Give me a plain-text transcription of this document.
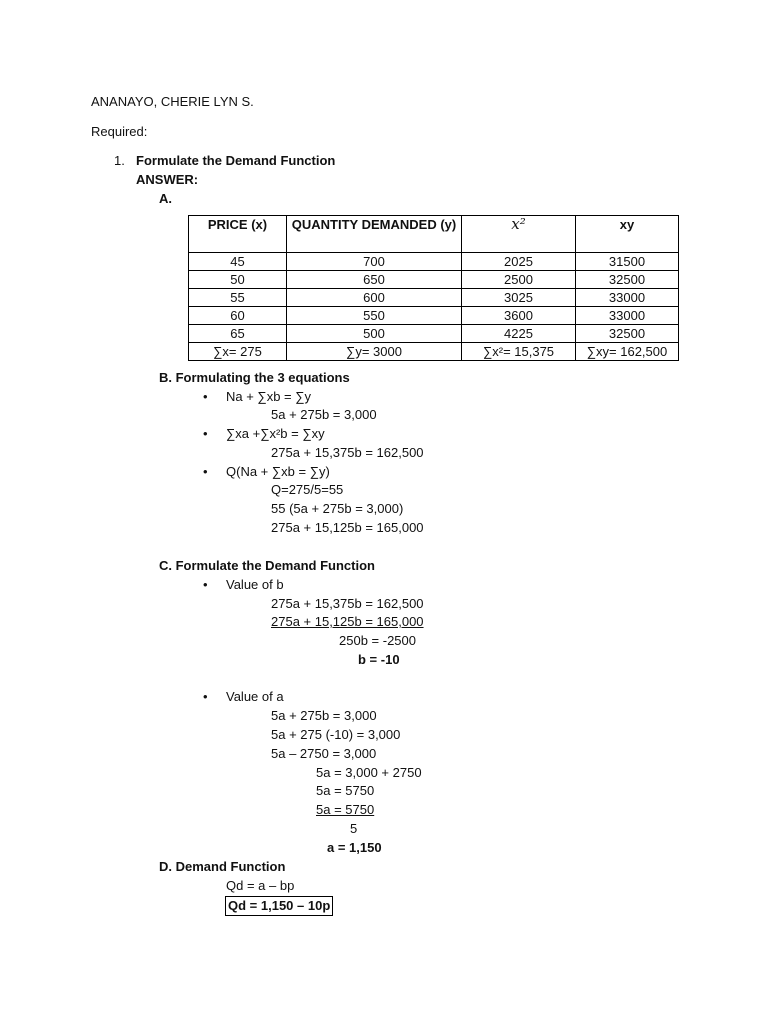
ANANAYO, CHERIE LYN S.
Required:
1. Formulate the Demand Function
ANSWER:
A.
PRICE (x)	QUANTITY DEMANDED (y)	x²	xy
45	700	2025	31500
50	650	2500	32500
55	600	3025	33000
60	550	3600	33000
65	500	4225	32500
∑x= 275	∑y= 3000	∑x²= 15,375	∑xy= 162,500
B. Formulating the 3 equations
• Na + ∑xb = ∑y
5a + 275b = 3,000
• ∑xa +∑x²b = ∑xy
275a + 15,375b = 162,500
• Q(Na + ∑xb = ∑y)
Q=275/5=55
55 (5a + 275b = 3,000)
275a + 15,125b = 165,000
C. Formulate the Demand Function
• Value of b
275a + 15,375b = 162,500
275a + 15,125b = 165,000
250b = -2500
b = -10
• Value of a
5a + 275b = 3,000
5a + 275 (-10) = 3,000
5a – 2750 = 3,000
5a = 3,000 + 2750
5a = 5750
5a = 5750
5
a = 1,150
D. Demand Function
Qd = a – bp
Qd = 1,150 – 10p
